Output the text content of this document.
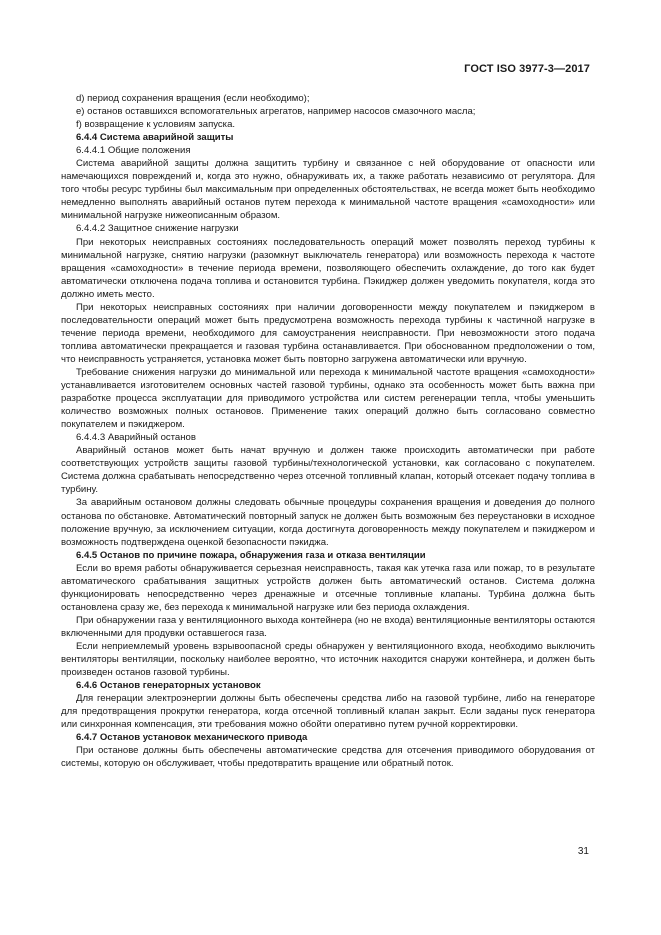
ГОСТ ISO 3977-3—2017

d) период сохранения вращения (если необходимо);

e) останов оставшихся вспомогательных агрегатов, например насосов смазочного масла;

f) возвращение к условиям запуска.

6.4.4 Система аварийной защиты

6.4.4.1 Общие положения

Система аварийной защиты должна защитить турбину и связанное с ней оборудование от опасности или намечающихся повреждений и, когда это нужно, обнаруживать их, а также работать независимо от регулятора. Для того чтобы ресурс турбины был максимальным при определенных обстоятельствах, не всегда может быть необходимо немедленно выполнять аварийный останов путем перехода к минимальной частоте вращения «самоходности» или минимальной нагрузке нижеописанным образом.

6.4.4.2 Защитное снижение нагрузки

При некоторых неисправных состояниях последовательность операций может позволять переход турбины к минимальной нагрузке, снятию нагрузки (разомкнут выключатель генератора) или возможность перехода к частоте вращения «самоходности» в течение периода времени, позволяющего обеспечить охлаждение, до того как будет автоматически отключена подача топлива и остановится турбина. Пэкиджер должен уведомить покупателя, когда это должно иметь место.

При некоторых неисправных состояниях при наличии договоренности между покупателем и пэкиджером в последовательности операций может быть предусмотрена возможность перехода турбины к частичной нагрузке в течение периода времени, необходимого для самоустранения неисправности. При невозможности этого подача топлива автоматически прекращается и газовая турбина останавливается. При обоснованном предположении о том, что неисправность устраняется, установка может быть повторно загружена автоматически или вручную.

Требование снижения нагрузки до минимальной или перехода к минимальной частоте вращения «самоходности» устанавливается изготовителем основных частей газовой турбины, однако эта особенность может быть важна при разработке процесса эксплуатации для приводимого устройства или систем регенерации тепла, чтобы уменьшить количество возможных полных остановов. Применение таких операций должно быть согласовано совместно покупателем и пэкиджером.

6.4.4.3 Аварийный останов

Аварийный останов может быть начат вручную и должен также происходить автоматически при работе соответствующих устройств защиты газовой турбины/технологической установки, как согласовано с покупателем. Система должна срабатывать непосредственно через отсечной топливный клапан, который отсекает подачу топлива в турбину.

За аварийным остановом должны следовать обычные процедуры сохранения вращения и доведения до полного останова по обстановке. Автоматический повторный запуск не должен быть возможным без переустановки в исходное положение вручную, за исключением ситуации, когда достигнута договоренность между покупателем и пэкиджером и возможность подтверждена оценкой безопасности пэкиджа.

6.4.5 Останов по причине пожара, обнаружения газа и отказа вентиляции

Если во время работы обнаруживается серьезная неисправность, такая как утечка газа или пожар, то в результате автоматического срабатывания защитных устройств должен быть автоматический останов. Система должна функционировать непосредственно через дренажные и отсечные топливные клапаны. Турбина должна быть остановлена сразу же, без перехода к минимальной нагрузке или без периода охлаждения.

При обнаружении газа у вентиляционного выхода контейнера (но не входа) вентиляционные вентиляторы остаются включенными для продувки оставшегося газа.

Если неприемлемый уровень взрывоопасной среды обнаружен у вентиляционного входа, необходимо выключить вентиляторы вентиляции, поскольку наиболее вероятно, что источник находится снаружи контейнера, и должен быть произведен останов газовой турбины.

6.4.6 Останов генераторных установок

Для генерации электроэнергии должны быть обеспечены средства либо на газовой турбине, либо на генераторе для предотвращения прокрутки генератора, когда отсечной топливный клапан закрыт. Если заданы пуск генератора или синхронная компенсация, эти требования можно обойти оперативно путем ручной корректировки.

6.4.7 Останов установок механического привода

При останове должны быть обеспечены автоматические средства для отсечения приводимого оборудования от системы, которую он обслуживает, чтобы предотвратить вращение или обратный поток.

31
